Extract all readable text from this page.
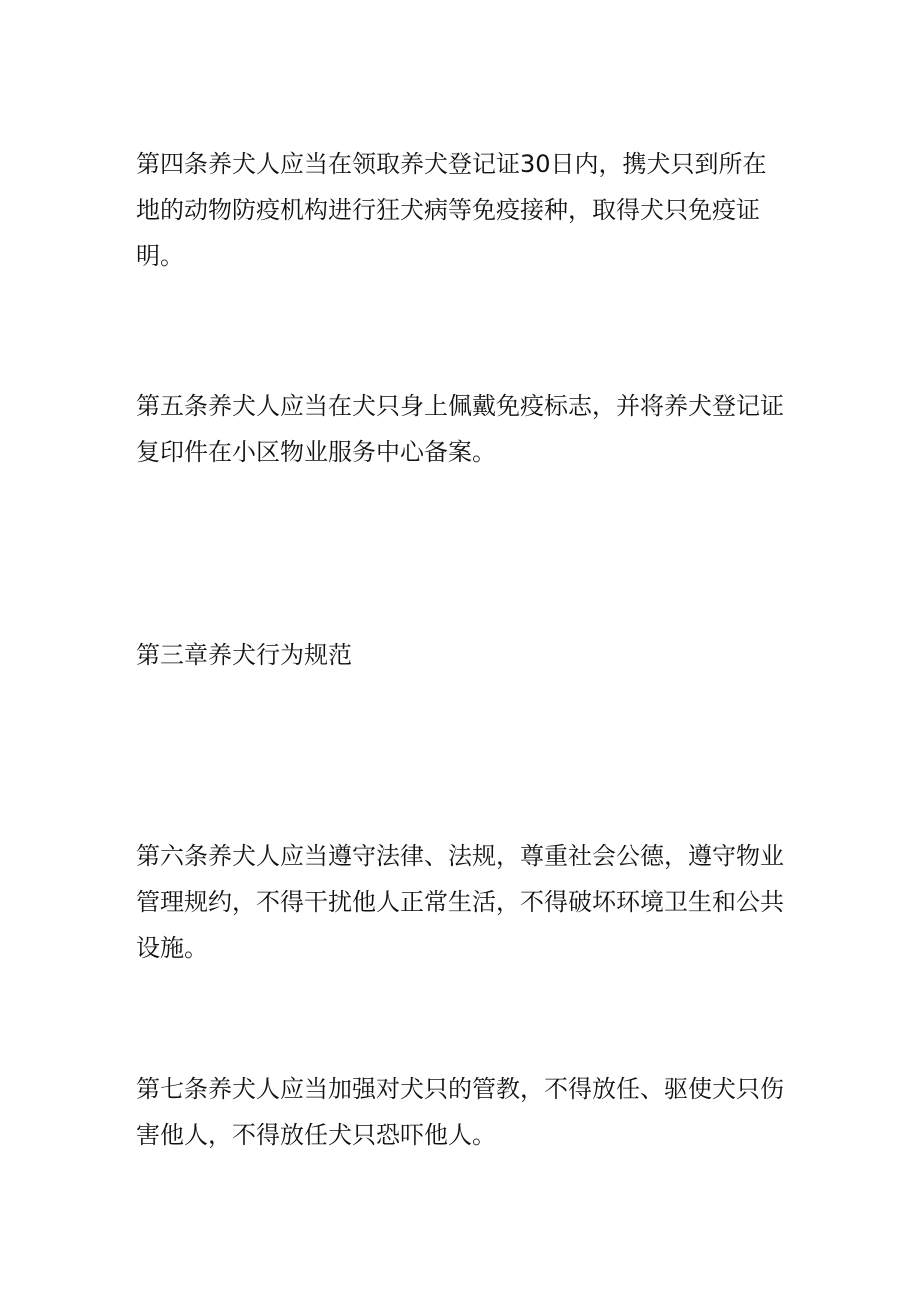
第四条养犬人应当在领取养犬登记证30日内，携犬只到所在地的动物防疫机构进行狂犬病等免疫接种，取得犬只免疫证明。

第五条养犬人应当在犬只身上佩戴免疫标志，并将养犬登记证复印件在小区物业服务中心备案。

第三章养犬行为规范

第六条养犬人应当遵守法律、法规，尊重社会公德，遵守物业管理规约，不得干扰他人正常生活，不得破坏环境卫生和公共设施。

第七条养犬人应当加强对犬只的管教，不得放任、驱使犬只伤害他人，不得放任犬只恐吓他人。
